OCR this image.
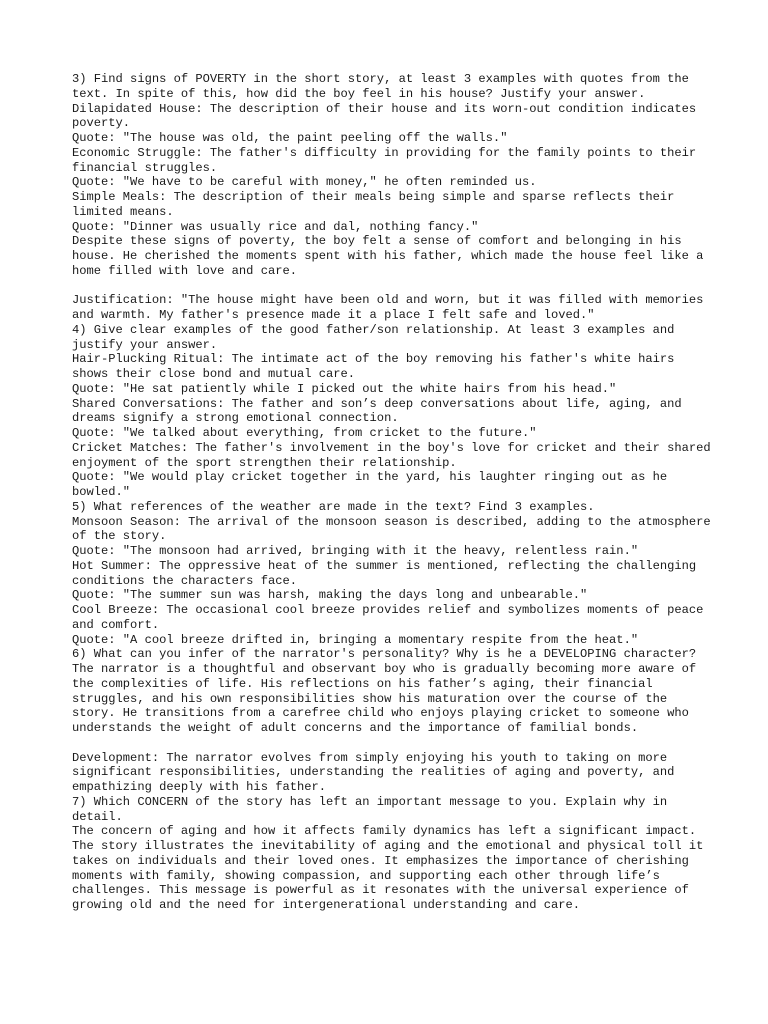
3) Find signs of POVERTY in the short story, at least 3 examples with quotes from the text. In spite of this, how did the boy feel in his house? Justify your answer.

Dilapidated House: The description of their house and its worn-out condition indicates poverty.

Quote: "The house was old, the paint peeling off the walls."

Economic Struggle: The father's difficulty in providing for the family points to their financial struggles.

Quote: "We have to be careful with money," he often reminded us.

Simple Meals: The description of their meals being simple and sparse reflects their limited means.

Quote: "Dinner was usually rice and dal, nothing fancy."

Despite these signs of poverty, the boy felt a sense of comfort and belonging in his house. He cherished the moments spent with his father, which made the house feel like a home filled with love and care.

Justification: "The house might have been old and worn, but it was filled with memories and warmth. My father's presence made it a place I felt safe and loved."

4) Give clear examples of the good father/son relationship. At least 3 examples and justify your answer.

Hair-Plucking Ritual: The intimate act of the boy removing his father's white hairs shows their close bond and mutual care.

Quote: "He sat patiently while I picked out the white hairs from his head."

Shared Conversations: The father and son’s deep conversations about life, aging, and dreams signify a strong emotional connection.

Quote: "We talked about everything, from cricket to the future."

Cricket Matches: The father's involvement in the boy's love for cricket and their shared enjoyment of the sport strengthen their relationship.

Quote: "We would play cricket together in the yard, his laughter ringing out as he bowled."

5) What references of the weather are made in the text? Find 3 examples.

Monsoon Season: The arrival of the monsoon season is described, adding to the atmosphere of the story.

Quote: "The monsoon had arrived, bringing with it the heavy, relentless rain."

Hot Summer: The oppressive heat of the summer is mentioned, reflecting the challenging conditions the characters face.

Quote: "The summer sun was harsh, making the days long and unbearable."

Cool Breeze: The occasional cool breeze provides relief and symbolizes moments of peace and comfort.

Quote: "A cool breeze drifted in, bringing a momentary respite from the heat."

6) What can you infer of the narrator's personality? Why is he a DEVELOPING character?

The narrator is a thoughtful and observant boy who is gradually becoming more aware of the complexities of life. His reflections on his father’s aging, their financial struggles, and his own responsibilities show his maturation over the course of the story. He transitions from a carefree child who enjoys playing cricket to someone who understands the weight of adult concerns and the importance of familial bonds.

Development: The narrator evolves from simply enjoying his youth to taking on more significant responsibilities, understanding the realities of aging and poverty, and empathizing deeply with his father.

7) Which CONCERN of the story has left an important message to you. Explain why in detail.

The concern of aging and how it affects family dynamics has left a significant impact. The story illustrates the inevitability of aging and the emotional and physical toll it takes on individuals and their loved ones. It emphasizes the importance of cherishing moments with family, showing compassion, and supporting each other through life’s challenges. This message is powerful as it resonates with the universal experience of growing old and the need for intergenerational understanding and care.
